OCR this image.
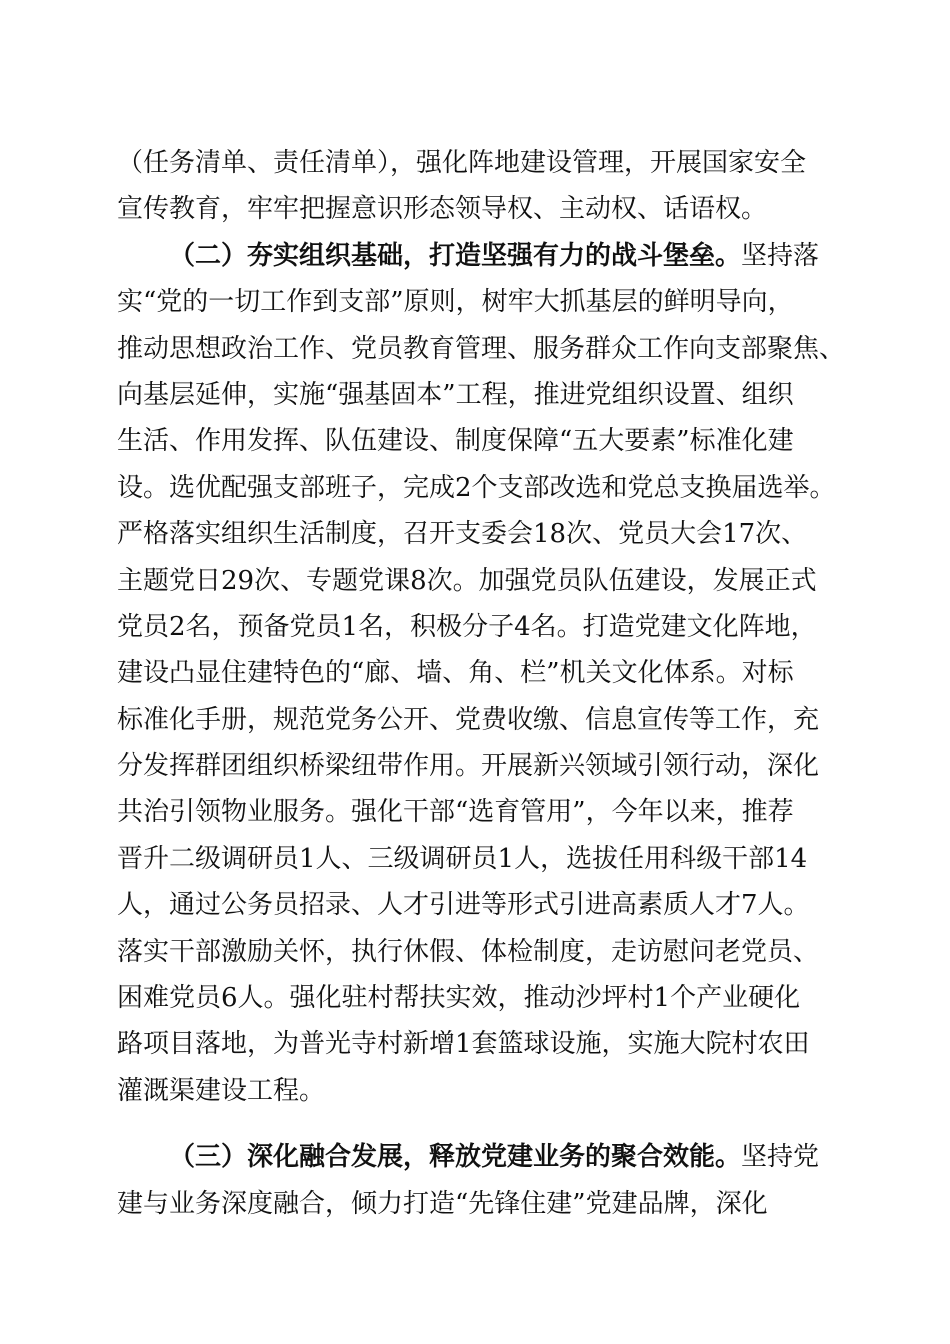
（任务清单、责任清单），强化阵地建设管理，开展国家安全
宣传教育，牢牢把握意识形态领导权、主动权、话语权。
（二）夯实组织基础，打造坚强有力的战斗堡垒。坚持落
实“党的一切工作到支部”原则，树牢大抓基层的鲜明导向，
推动思想政治工作、党员教育管理、服务群众工作向支部聚焦、
向基层延伸，实施“强基固本”工程，推进党组织设置、组织
生活、作用发挥、队伍建设、制度保障“五大要素”标准化建
设。选优配强支部班子，完成2个支部改选和党总支换届选举。
严格落实组织生活制度，召开支委会18次、党员大会17次、
主题党日29次、专题党课8次。加强党员队伍建设，发展正式
党员2名，预备党员1名，积极分子4名。打造党建文化阵地，
建设凸显住建特色的“廊、墙、角、栏”机关文化体系。对标
标准化手册，规范党务公开、党费收缴、信息宣传等工作，充
分发挥群团组织桥梁纽带作用。开展新兴领域引领行动，深化
共治引领物业服务。强化干部“选育管用”，今年以来，推荐
晋升二级调研员1人、三级调研员1人，选拔任用科级干部14
人，通过公务员招录、人才引进等形式引进高素质人才7人。
落实干部激励关怀，执行休假、体检制度，走访慰问老党员、
困难党员6人。强化驻村帮扶实效，推动沙坪村1个产业硬化
路项目落地，为普光寺村新增1套篮球设施，实施大院村农田
灌溉渠建设工程。
（三）深化融合发展，释放党建业务的聚合效能。坚持党
建与业务深度融合，倾力打造“先锋住建”党建品牌，深化
